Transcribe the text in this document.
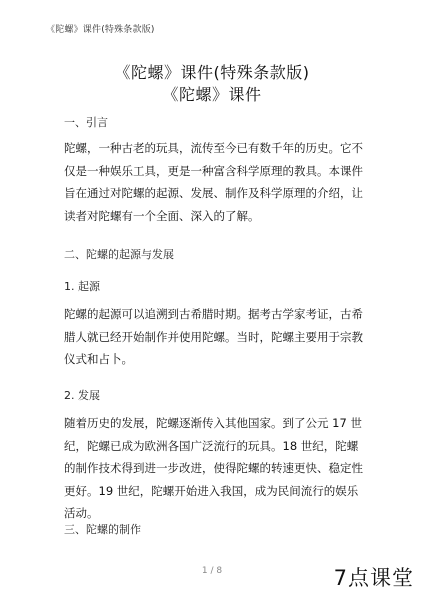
《陀螺》课件(特殊条款版)
《陀螺》课件(特殊条款版)
《陀螺》课件
一、引言
陀螺，一种古老的玩具，流传至今已有数千年的历史。它不仅是一种娱乐工具，更是一种富含科学原理的教具。本课件旨在通过对陀螺的起源、发展、制作及科学原理的介绍，让读者对陀螺有一个全面、深入的了解。
二、陀螺的起源与发展
1. 起源
陀螺的起源可以追溯到古希腊时期。据考古学家考证，古希腊人就已经开始制作并使用陀螺。当时，陀螺主要用于宗教仪式和占卜。
2. 发展
随着历史的发展，陀螺逐渐传入其他国家。到了公元 17 世纪，陀螺已成为欧洲各国广泛流行的玩具。18 世纪，陀螺的制作技术得到进一步改进，使得陀螺的转速更快、稳定性更好。19 世纪，陀螺开始进入我国，成为民间流行的娱乐活动。
三、陀螺的制作
1 / 8	7点课堂
